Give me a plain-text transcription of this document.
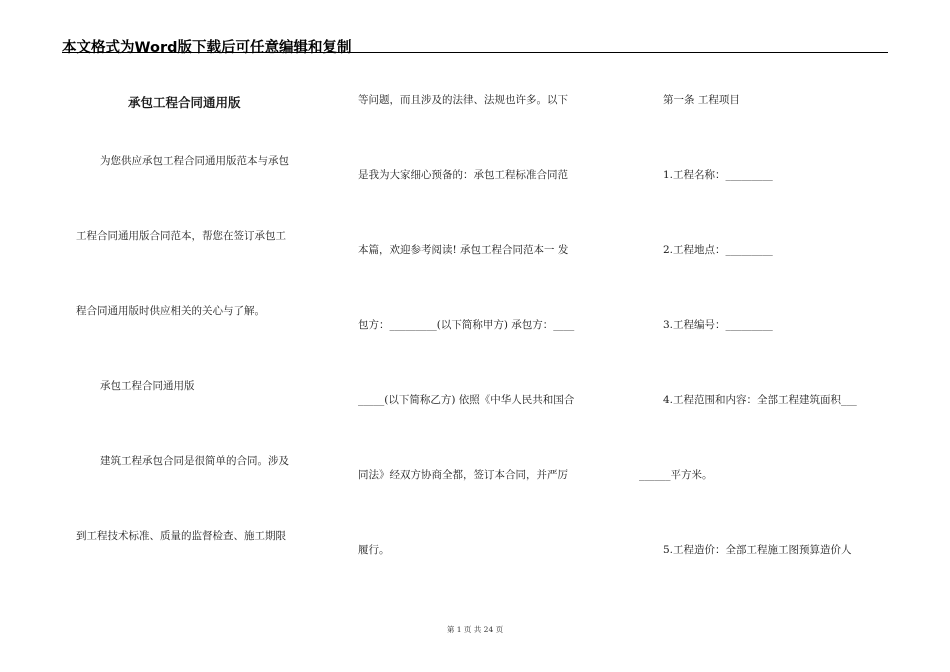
本文格式为Word版下载后可任意编辑和复制
承包工程合同通用版
为您供应承包工程合同通用版范本与承包
工程合同通用版合同范本，帮您在签订承包工
程合同通用版时供应相关的关心与了解。
承包工程合同通用版
建筑工程承包合同是很简单的合同。涉及
到工程技术标准、质量的监督检查、施工期限
等问题，而且涉及的法律、法规也许多。以下
是我为大家细心预备的：承包工程标准合同范
本篇，欢迎参考阅读! 承包工程合同范本一 发
包方：_________(以下简称甲方) 承包方：____
_____(以下简称乙方) 依照《中华人民共和国合
同法》经双方协商全都，签订本合同，并严厉
履行。
第一条 工程项目
1.工程名称：_________
2.工程地点：_________
3.工程编号：_________
4.工程范围和内容：全部工程建筑面积___
______平方米。
5.工程造价：全部工程施工图预算造价人
第 1 页 共 24 页
